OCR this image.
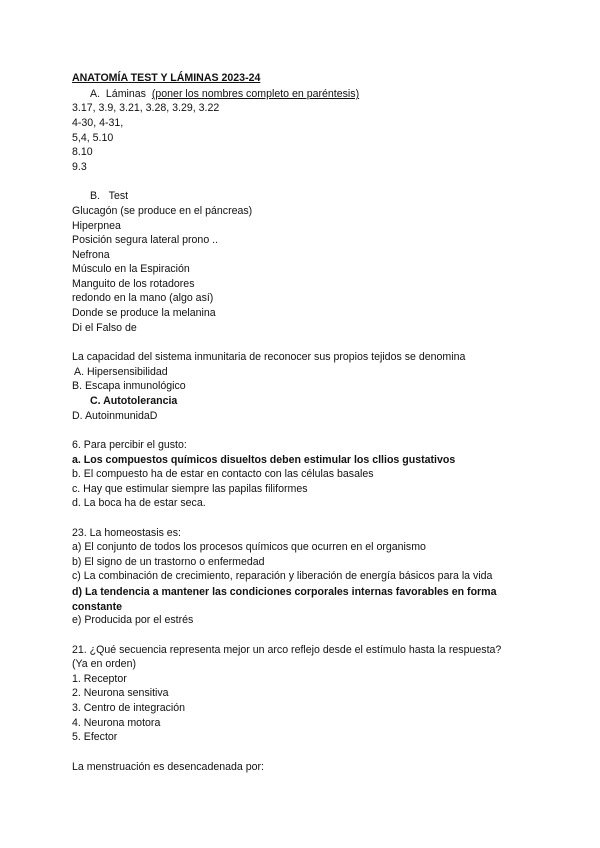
ANATOMÍA TEST Y LÁMINAS 2023-24
A. Láminas (poner los nombres completo en paréntesis)
3.17, 3.9, 3.21, 3.28, 3.29, 3.22
4-30, 4-31,
5,4, 5.10
8.10
9.3
B. Test
Glucagón (se produce en el páncreas)
Hiperpnea
Posición segura lateral prono ..
Nefrona
Músculo en la Espiración
Manguito de los rotadores
redondo en la mano (algo así)
Donde se produce la melanina
Di el Falso de
La capacidad del sistema inmunitaria de reconocer sus propios tejidos se denomina
A. Hipersensibilidad
B. Escapa inmunológico
C. Autotolerancia
D. AutoinmunidaD
6. Para percibir el gusto:
a. Los compuestos químicos disueltos deben estimular los cllios gustativos
b. El compuesto ha de estar en contacto con las células basales
c. Hay que estimular siempre las papilas filiformes
d. La boca ha de estar seca.
23. La homeostasis es:
a) El conjunto de todos los procesos químicos que ocurren en el organismo
b) El signo de un trastorno o enfermedad
c) La combinación de crecimiento, reparación y liberación de energía básicos para la vida
d) La tendencia a mantener las condiciones corporales internas favorables en forma constante
e) Producida por el estrés
21. ¿Qué secuencia representa mejor un arco reflejo desde el estímulo hasta la respuesta?
(Ya en orden)
1. Receptor
2. Neurona sensitiva
3. Centro de integración
4. Neurona motora
5. Efector
La menstruación es desencadenada por:
